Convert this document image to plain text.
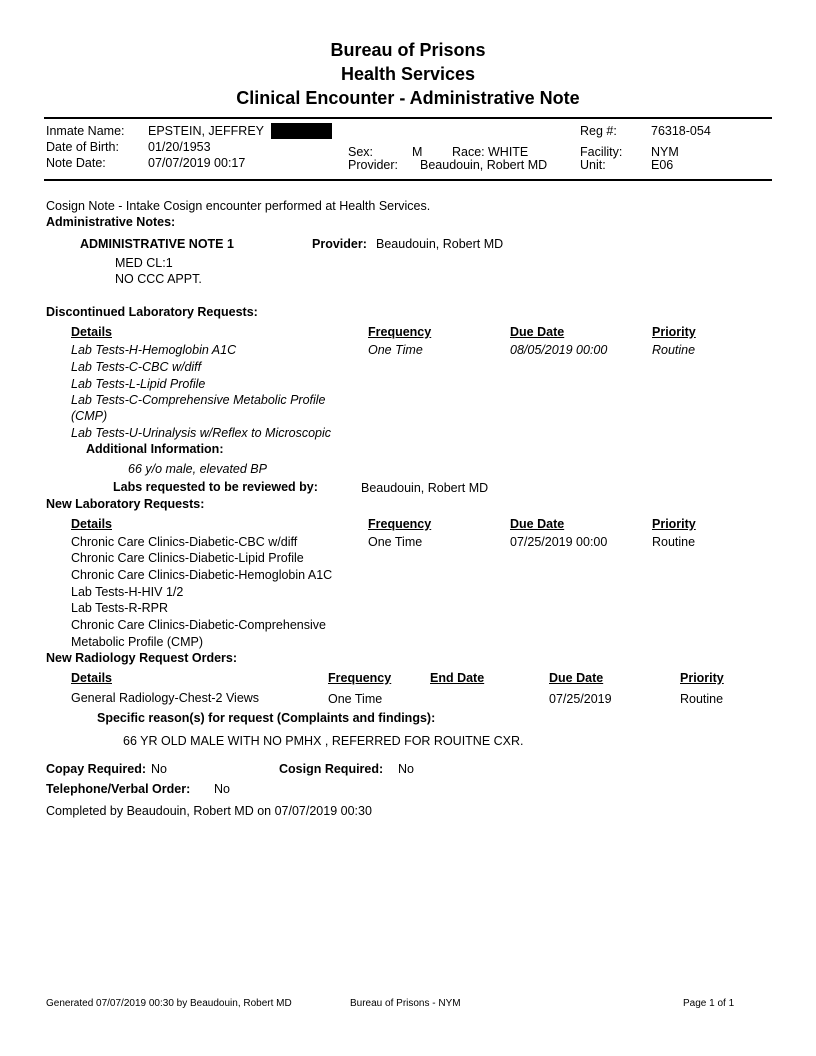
Bureau of Prisons
Health Services
Clinical Encounter - Administrative Note
Inmate Name: EPSTEIN, JEFFREY
Date of Birth: 01/20/1953
Note Date:	07/07/2019 00:17
Sex:	M Race: WHITE
Provider: Beaudouin, Robert MD
Reg #:	76318-054
Facility: NYM
Unit:	E06
Cosign Note - Intake Cosign encounter performed at Health Services.
Administrative Notes:
ADMINISTRATIVE NOTE 1	Provider: Beaudouin, Robert MD
MED CL:1
NO CCC APPT.
Discontinued Laboratory Requests:
Details	Frequency	Due Date	Priority
Lab Tests-H-Hemoglobin A1C
Lab Tests-C-CBC w/diff
Lab Tests-L-Lipid Profile
Lab Tests-C-Comprehensive Metabolic Profile
(CMP)
Lab Tests-U-Urinalysis w/Reflex to Microscopic
One Time	08/05/2019 00:00	Routine
Additional Information:
66 y/o male, elevated BP
Labs requested to be reviewed by:	Beaudouin, Robert MD
New Laboratory Requests:
Details	Frequency	Due Date	Priority
Chronic Care Clinics-Diabetic-CBC w/diff
Chronic Care Clinics-Diabetic-Lipid Profile
Chronic Care Clinics-Diabetic-Hemoglobin A1C
Lab Tests-H-HIV 1/2
Lab Tests-R-RPR
Chronic Care Clinics-Diabetic-Comprehensive
Metabolic Profile (CMP)
One Time	07/25/2019 00:00	Routine
New Radiology Request Orders:
Details	Frequency	End Date	Due Date	Priority
General Radiology-Chest-2 Views	One Time	07/25/2019	Routine
Specific reason(s) for request (Complaints and findings):
66 YR OLD MALE WITH NO PMHX , REFERRED FOR ROUITNE CXR.
Copay Required: No	Cosign Required: No
Telephone/Verbal Order: No
Completed by Beaudouin, Robert MD on 07/07/2019 00:30
Generated 07/07/2019 00:30 by Beaudouin, Robert MD	Bureau of Prisons - NYM	Page 1 of 1
